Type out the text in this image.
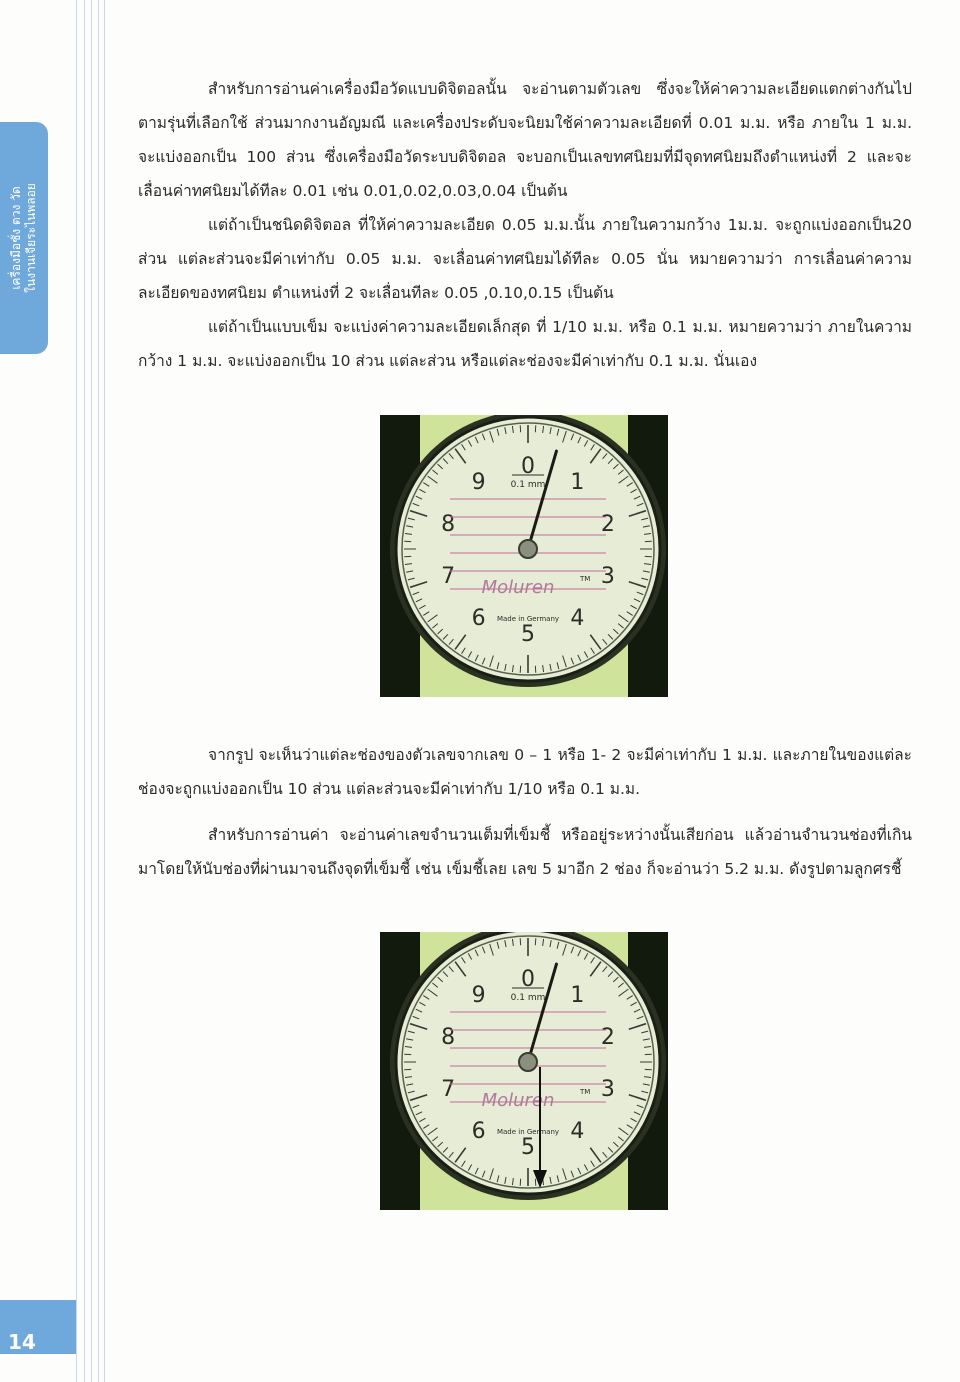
เครื่องมือชั่ง ตวง วัด ในงานเจียระไนพลอย
14

สำหรับการอ่านค่าเครื่องมือวัดแบบดิจิตอลนั้น จะอ่านตามตัวเลข ซึ่งจะให้ค่าความละเอียดแตกต่างกันไปตามรุ่นที่เลือกใช้ ส่วนมากงานอัญมณี และเครื่องประดับจะนิยมใช้ค่าความละเอียดที่ 0.01 ม.ม. หรือ ภายใน 1 ม.ม. จะแบ่งออกเป็น 100 ส่วน ซึ่งเครื่องมือวัดระบบดิจิตอล จะบอกเป็นเลขทศนิยมที่มีจุดทศนิยมถึงตำแหน่งที่ 2 และจะเลื่อนค่าทศนิยมได้ทีละ 0.01 เช่น 0.01,0.02,0.03,0.04 เป็นต้น

แต่ถ้าเป็นชนิดดิจิตอล ที่ให้ค่าความละเอียด 0.05 ม.ม.นั้น ภายในความกว้าง 1ม.ม. จะถูกแบ่งออกเป็น20 ส่วน แต่ละส่วนจะมีค่าเท่ากับ 0.05 ม.ม. จะเลื่อนค่าทศนิยมได้ทีละ 0.05 นั่น หมายความว่า การเลื่อนค่าความละเอียดของทศนิยม ตำแหน่งที่ 2 จะเลื่อนทีละ 0.05 ,0.10,0.15 เป็นต้น

แต่ถ้าเป็นแบบเข็ม จะแบ่งค่าความละเอียดเล็กสุด ที่ 1/10 ม.ม. หรือ 0.1 ม.ม. หมายความว่า ภายในความกว้าง 1 ม.ม. จะแบ่งออกเป็น 10 ส่วน แต่ละส่วน หรือแต่ละช่องจะมีค่าเท่ากับ 0.1 ม.ม. นั่นเอง

0
1
2
3
4
5
6
7
8
9	0.1 mm
Moluren	TM
Made in Germany

จากรูป จะเห็นว่าแต่ละช่องของตัวเลขจากเลข 0 – 1 หรือ 1- 2 จะมีค่าเท่ากับ 1 ม.ม. และภายในของแต่ละช่องจะถูกแบ่งออกเป็น 10 ส่วน แต่ละส่วนจะมีค่าเท่ากับ 1/10 หรือ 0.1 ม.ม.

สำหรับการอ่านค่า จะอ่านค่าเลขจำนวนเต็มที่เข็มชี้ หรืออยู่ระหว่างนั้นเสียก่อน แล้วอ่านจำนวนช่องที่เกินมาโดยให้นับช่องที่ผ่านมาจนถึงจุดที่เข็มชี้ เช่น เข็มชี้เลย เลข 5 มาอีก 2 ช่อง ก็จะอ่านว่า 5.2 ม.ม. ดังรูปตามลูกศรชี้

0
1
2
3
4
5
6
7
8
9	0.1 mm
Moluren	TM
Made in Germany
